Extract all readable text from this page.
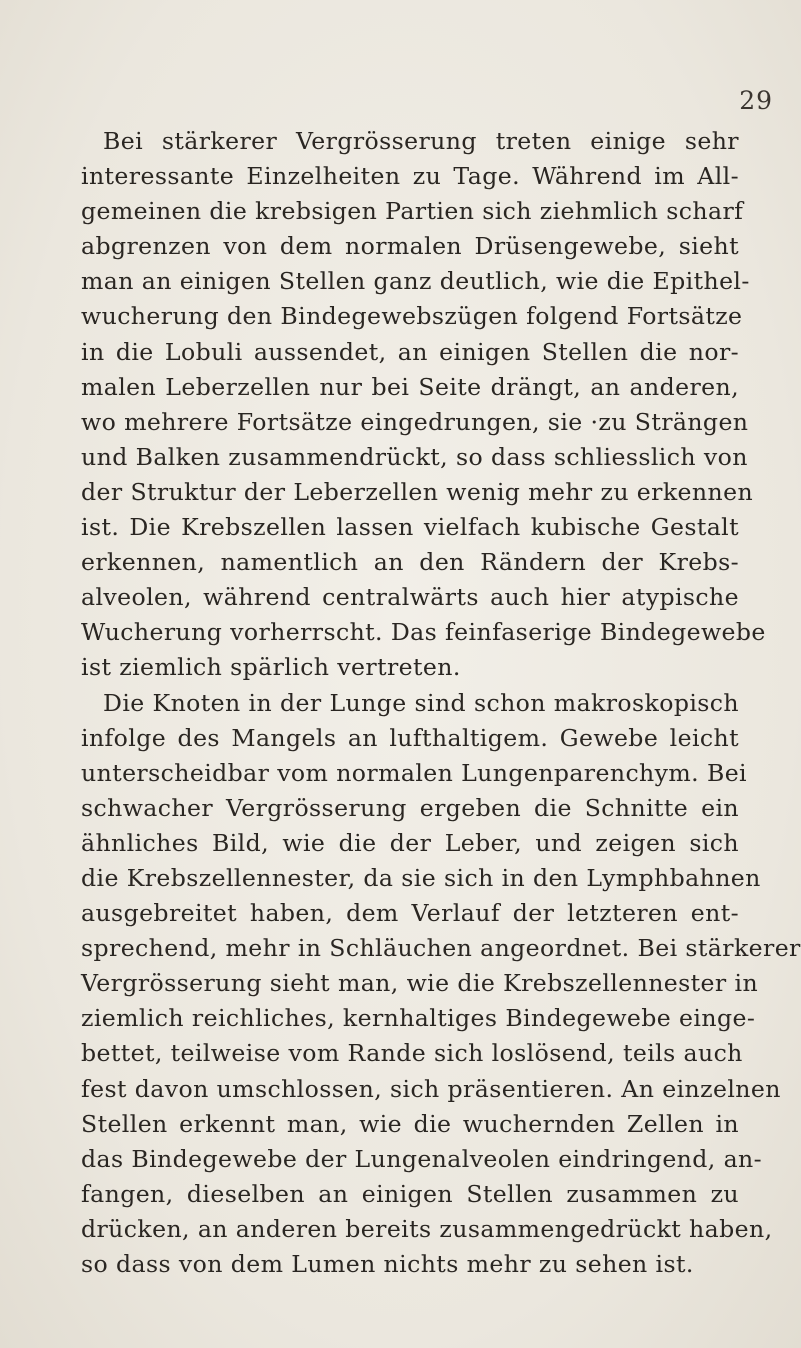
29
Bei stärkerer Vergrösserung treten einige sehr
interessante Einzelheiten zu Tage. Während im All-
gemeinen die krebsigen Partien sich ziehmlich scharf
abgrenzen von dem normalen Drüsengewebe, sieht
man an einigen Stellen ganz deutlich, wie die Epithel-
wucherung den Bindegewebszügen folgend Fortsätze
in die Lobuli aussendet, an einigen Stellen die nor-
malen Leberzellen nur bei Seite drängt, an anderen,
wo mehrere Fortsätze eingedrungen, sie ·zu Strängen
und Balken zusammendrückt, so dass schliesslich von
der Struktur der Leberzellen wenig mehr zu erkennen
ist. Die Krebszellen lassen vielfach kubische Gestalt
erkennen, namentlich an den Rändern der Krebs-
alveolen, während centralwärts auch hier atypische
Wucherung vorherrscht. Das feinfaserige Bindegewebe
ist ziemlich spärlich vertreten.
Die Knoten in der Lunge sind schon makroskopisch
infolge des Mangels an lufthaltigem. Gewebe leicht
unterscheidbar vom normalen Lungenparenchym. Bei
schwacher Vergrösserung ergeben die Schnitte ein
ähnliches Bild, wie die der Leber, und zeigen sich
die Krebszellennester, da sie sich in den Lymphbahnen
ausgebreitet haben, dem Verlauf der letzteren ent-
sprechend, mehr in Schläuchen angeordnet. Bei stärkerer
Vergrösserung sieht man, wie die Krebszellennester in
ziemlich reichliches, kernhaltiges Bindegewebe einge-
bettet, teilweise vom Rande sich loslösend, teils auch
fest davon umschlossen, sich präsentieren. An einzelnen
Stellen erkennt man, wie die wuchernden Zellen in
das Bindegewebe der Lungenalveolen eindringend, an-
fangen, dieselben an einigen Stellen zusammen zu
drücken, an anderen bereits zusammengedrückt haben,
so dass von dem Lumen nichts mehr zu sehen ist.
